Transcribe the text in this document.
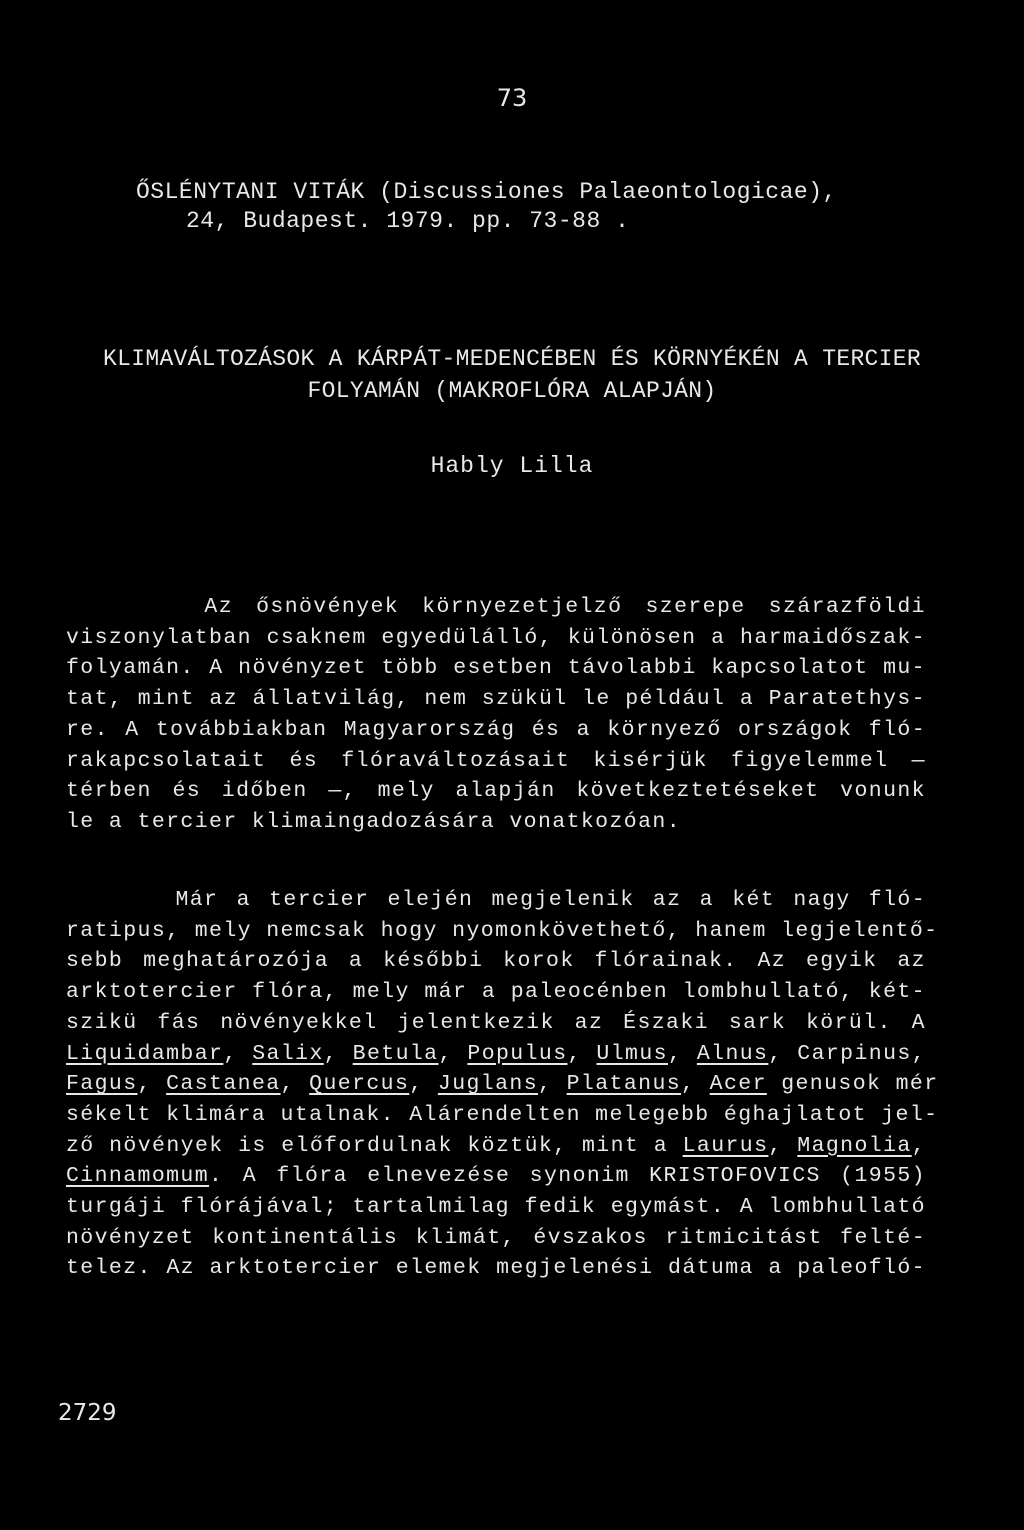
73
ŐSLÉNYTANI VITÁK (Discussiones Palaeontologicae),
24, Budapest. 1979. pp. 73-88 .
KLIMAVÁLTOZÁSOK A KÁRPÁT-MEDENCÉBEN ÉS KÖRNYÉKÉN A TERCIER
FOLYAMÁN (MAKROFLÓRA ALAPJÁN)
Hably Lilla
Az ősnövények környezetjelző szerepe szárazföldi
viszonylatban csaknem egyedülálló, különösen a harmaidőszak-
folyamán. A növényzet több esetben távolabbi kapcsolatot mu-
tat, mint az állatvilág, nem szükül le például a Paratethys-
re. A továbbiakban Magyarország és a környező országok fló-
rakapcsolatait és flóraváltozásait kisérjük figyelemmel —
térben és időben —, mely alapján következtetéseket vonunk
le a tercier klimaingadozására vonatkozóan.
Már a tercier elején megjelenik az a két nagy fló-
ratipus, mely nemcsak hogy nyomonkövethető, hanem legjelentő-
sebb meghatározója a későbbi korok flórainak. Az egyik az
arktotercier flóra, mely már a paleocénben lombhullató, két-
szikü fás növényekkel jelentkezik az Északi sark körül. A
Liquidambar, Salix, Betula, Populus, Ulmus, Alnus, Carpinus,
Fagus, Castanea, Quercus, Juglans, Platanus, Acer genusok mér
sékelt klimára utalnak. Alárendelten melegebb éghajlatot jel-
ző növények is előfordulnak köztük, mint a Laurus, Magnolia,
Cinnamomum. A flóra elnevezése synonim KRISTOFOVICS (1955)
turgáji flórájával; tartalmilag fedik egymást. A lombhullató
növényzet kontinentális klimát, évszakos ritmicitást felté-
telez. Az arktotercier elemek megjelenési dátuma a paleofló-
2729
